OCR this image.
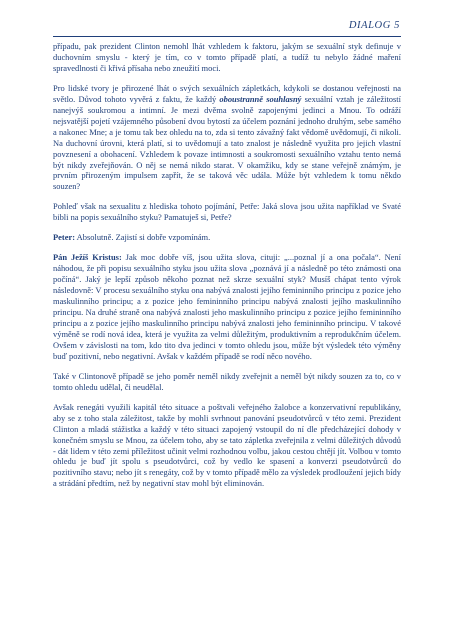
DIALOG 5

případu, pak prezident Clinton nemohl lhát vzhledem k faktoru, jakým se sexuální styk definuje v duchovním smyslu - který je tím, co v tomto případě platí, a tudíž tu nebylo žádné maření spravedlnosti či křivá přísaha nebo zneužití moci.

Pro lidské tvory je přirozené lhát o svých sexuálních zápletkách, kdykoli se dostanou veřejnosti na světlo. Důvod tohoto vyvěrá z faktu, že každý oboustranně souhlasný sexuální vztah je záležitostí nanejvýš soukromou a intimní. Je mezi dvěma svolně zapojenými jedinci a Mnou. To odráží nejsvatější pojetí vzájemného působení dvou bytostí za účelem poznání jednoho druhým, sebe samého a nakonec Mne; a je tomu tak bez ohledu na to, zda si tento závažný fakt vědomě uvědomují, či nikoli. Na duchovní úrovni, která platí, si to uvědomují a tato znalost je následně využita pro jejich vlastní povznesení a obohacení. Vzhledem k povaze intimnosti a soukromosti sexuálního vztahu tento nemá být nikdy zveřejňován. O něj se nemá nikdo starat. V okamžiku, kdy se stane veřejně známým, je prvním přirozeným impulsem zapřít, že se taková věc udála. Může být vzhledem k tomu někdo souzen?

Pohleď však na sexualitu z hlediska tohoto pojímání, Petře: Jaká slova jsou užita například ve Svaté bibli na popis sexuálního styku? Pamatuješ si, Petře?

Peter: Absolutně. Zajistí si dobře vzpomínám.

Pán Ježíš Kristus: Jak moc dobře víš, jsou užita slova, cituji: „...poznal jí a ona počala“. Není náhodou, že při popisu sexuálního styku jsou užita slova „poznává jí a následně po této známosti ona počíná“. Jaký je lepší způsob někoho poznat než skrze sexuální styk? Musíš chápat tento výrok následovně: V procesu sexuálního styku ona nabývá znalosti jejího femininního principu z pozice jeho maskulinního principu; a z pozice jeho femininního principu nabývá znalosti jejího maskulinního principu. Na druhé straně ona nabývá znalosti jeho maskulinního principu z pozice jejího femininního principu a z pozice jejího maskulinního principu nabývá znalosti jeho femininního principu. V takové výměně se rodí nová idea, která je využita za velmi důležitým, produktivním a reprodukčním účelem. Ovšem v závislosti na tom, kdo tito dva jedinci v tomto ohledu jsou, může být výsledek této výměny buď pozitivní, nebo negativní. Avšak v každém případě se rodí něco nového.

Také v Clintonově případě se jeho poměr neměl nikdy zveřejnit a neměl být nikdy souzen za to, co v tomto ohledu udělal, či neudělal.

Avšak renegáti využili kapitál této situace a poštvali veřejného žalobce a konzervativní republikány, aby se z toho stala záležitost, takže by mohli svrhnout panování pseudotvůrců v této zemi. Prezident Clinton a mladá stážistka a každý v této situaci zapojený vstoupil do ní dle předcházející dohody v konečném smyslu se Mnou, za účelem toho, aby se tato zápletka zveřejnila z velmi důležitých důvodů - dát lidem v této zemi příležitost učinit velmi rozhodnou volbu, jakou cestou chtějí jít. Volbou v tomto ohledu je buď jít spolu s pseudotvůrci, což by vedlo ke spasení a konverzi pseudotvůrců do pozitivního stavu; nebo jít s renegáty, což by v tomto případě mělo za výsledek prodloužení jejich bídy a strádání předtím, než by negativní stav mohl být eliminován.
